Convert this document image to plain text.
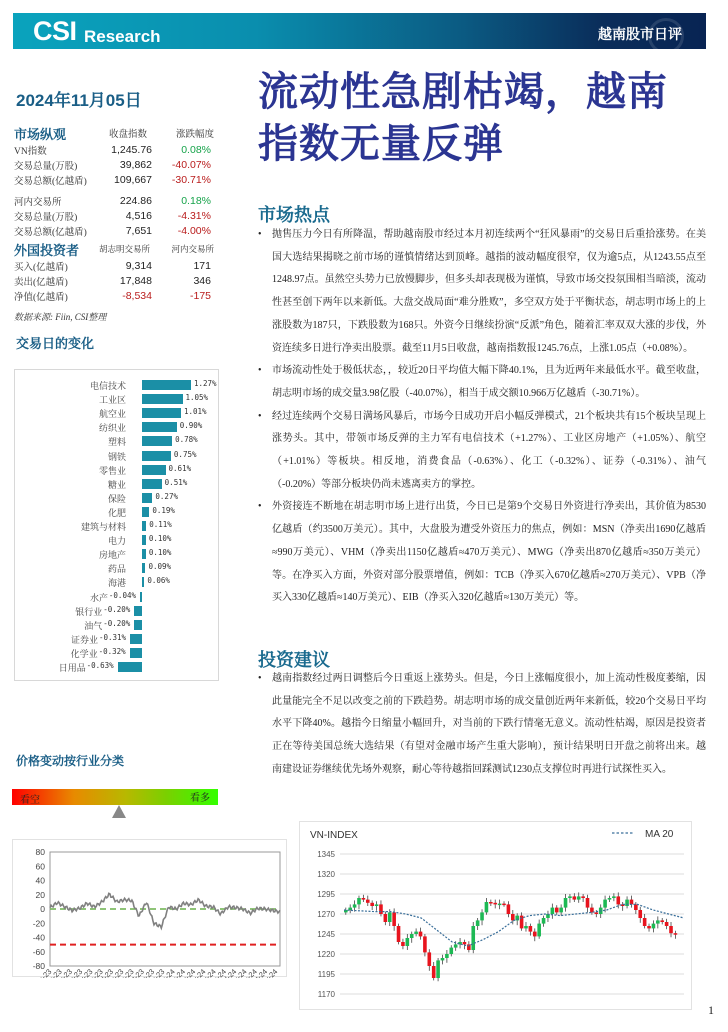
CSI Research	越南股市日评
2024年11月05日
市场纵观	收盘指数	涨跌幅度
VN指数	1,245.76	0.08%
交易总量(万股)	39,862	-40.07%
交易总额(亿越盾)	109,667	-30.71%
河内交易所	224.86	0.18%
交易总量(万股)	4,516	-4.31%
交易总额(亿越盾)	7,651	-4.00%
外国投资者	胡志明交易所	河内交易所
买入(亿越盾)	9,314	171
卖出(亿越盾)	17,848	346
净值(亿越盾)	-8,534	-175
数据来源: Fiin, CSI整理
交易日的变化
电信技术	1.27%
工业区	1.05%
航空业	1.01%
纺织业	0.90%
塑料	0.78%
钢铁	0.75%
零售业	0.61%
糖业	0.51%
保险	0.27%
化肥	0.19%
建筑与材料	0.11%
电力	0.10%
房地产	0.10%
药品	0.09%
海港	0.06%
水产 -0.04%
银行业 -0.20%
油气 -0.20%
证券业 -0.31%
化学业 -0.32%
日用品 -0.63%
价格变动按行业分类
看空	看多
80
60
40
20
0
-20
-40
-60
-80
Jul-23	Jul-24
VN-INDEX	MA 20
1345
1320
1295
1270
1245
1220
1195
1170
流动性急剧枯竭，越南
指数无量反弹
市场热点
• 抛售压力今日有所降温，帮助越南股市经过本月初连续两个“狂风暴雨”的交易日后重拾涨势。在美国大选结果揭晓之前市场的谨慎情绪达到顶峰。越指的波动幅度很窄，仅为逾5点，从1243.55点至1248.97点。虽然空头势力已放慢脚步，但多头却表现极为谨慎，导致市场交投氛围相当暗淡，流动性甚至创下两年以来新低。大盘交战局面“难分胜败”，多空双方处于平衡状态，胡志明市场上的上涨股数为187只，下跌股数为168只。外资今日继续扮演“反派”角色，随着汇率双双大涨的步伐，外资连续多日进行净卖出股票。截至11月5日收盘，越南指数报1245.76点，上涨1.05点（+0.08%）。
• 市场流动性处于极低状态，，较近20日平均值大幅下降40.1%，且为近两年来最低水平。截至收盘，胡志明市场的成交量3.98亿股（-40.07%），相当于成交额10.966万亿越盾（-30.71%）。
• 经过连续两个交易日满场风暴后，市场今日成功开启小幅反弹模式，21个板块共有15个板块呈现上涨势头。其中，带领市场反弹的主力军有电信技术（+1.27%）、工业区房地产（+1.05%）、航空（+1.01%）等板块。相反地，消费食品（-0.63%）、化工（-0.32%）、证券（-0.31%）、油气（-0.20%）等部分板块仍尚未逃离卖方的掌控。
• 外资接连不断地在胡志明市场上进行出货，今日已是第9个交易日外资进行净卖出，其价值为8530亿越盾（约3500万美元）。其中，大盘股为遭受外资压力的焦点，例如：MSN（净卖出1690亿越盾≈990万美元）、VHM（净卖出1150亿越盾≈470万美元）、MWG（净卖出870亿越盾≈350万美元）等。在净买入方面，外资对部分股票增值，例如：TCB（净买入670亿越盾≈270万美元）、VPB（净买入330亿越盾≈140万美元）、EIB（净买入320亿越盾≈130万美元）等。
投资建议
• 越南指数经过两日调整后今日重返上涨势头。但是，今日上涨幅度很小，加上流动性极度萎缩，因此量能完全不足以改变之前的下跌趋势。胡志明市场的成交量创近两年来新低，较20个交易日平均水平下降40%。越指今日缩量小幅回升，对当前的下跌行情毫无意义。流动性枯竭，原因是投资者正在等待美国总统大选结果（有望对金融市场产生重大影响），预计结果明日开盘之前将出来。越南建设证券继续优先场外观察，耐心等待越指回踩测试1230点支撑位时再进行试探性买入。
1
